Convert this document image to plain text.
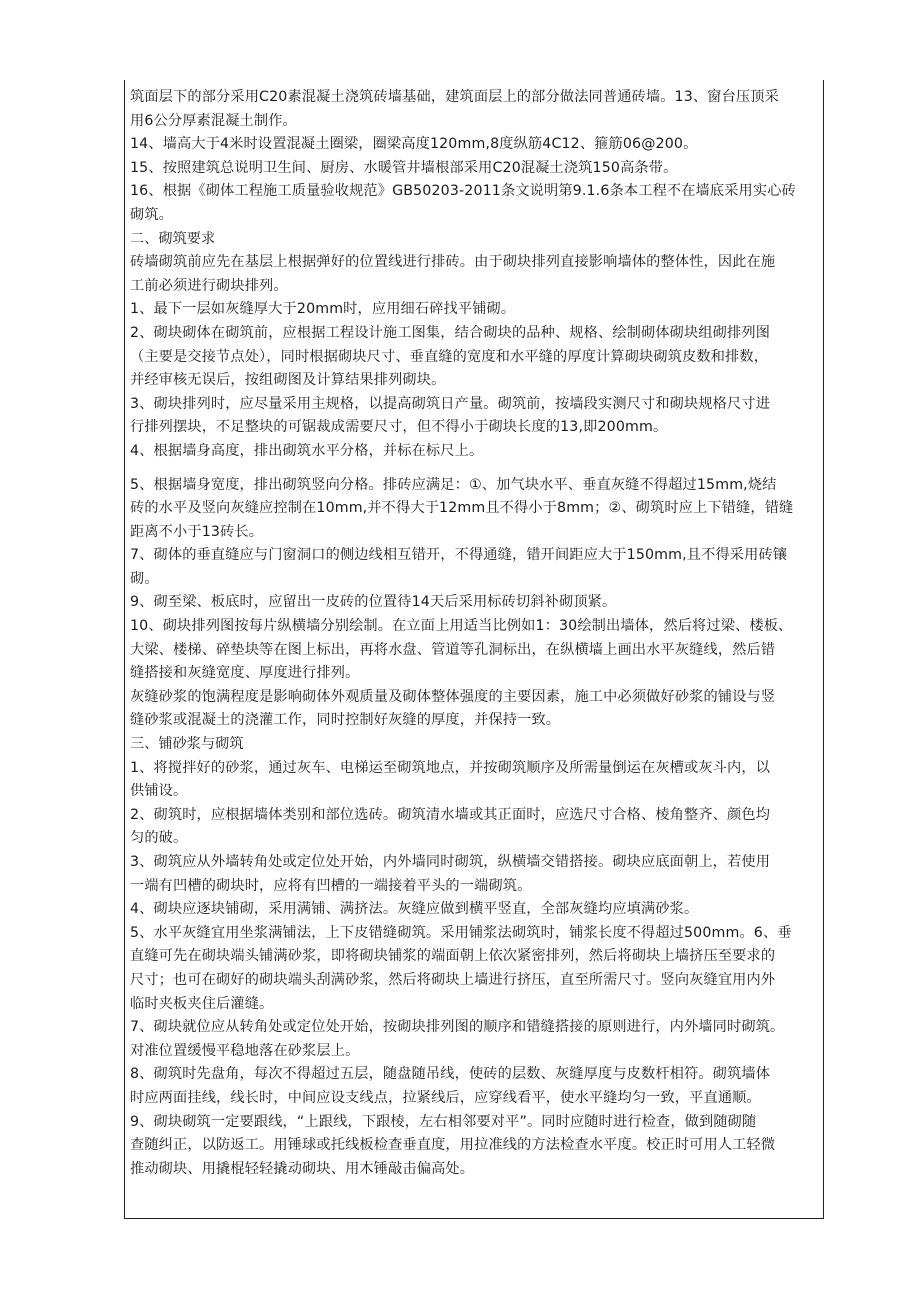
筑面层下的部分采用C20素混凝土浇筑砖墙基础，建筑面层上的部分做法同普通砖墙。13、窗台压顶采
用6公分厚素混凝土制作。
14、墙高大于4米时设置混凝土圈梁，圈梁高度120mm,8度纵筋4C12、箍筋06@200。
15、按照建筑总说明卫生间、厨房、水暖管井墙根部采用C20混凝土浇筑150高条带。
16、根据《砌体工程施工质量验收规范》GB50203-2011条文说明第9.1.6条本工程不在墙底采用实心砖
砌筑。
二、砌筑要求
砖墙砌筑前应先在基层上根据弹好的位置线进行排砖。由于砌块排列直接影响墙体的整体性，因此在施
工前必须进行砌块排列。
1、最下一层如灰缝厚大于20mm时，应用细石碎找平铺砌。
2、砌块砌体在砌筑前，应根据工程设计施工图集，结合砌块的品种、规格、绘制砌体砌块组砌排列图
（主要是交接节点处），同时根据砌块尺寸、垂直缝的宽度和水平缝的厚度计算砌块砌筑皮数和排数，
并经审核无误后，按组砌图及计算结果排列砌块。
3、砌块排列时，应尽量采用主规格，以提高砌筑日产量。砌筑前，按墙段实测尺寸和砌块规格尺寸进
行排列摆块，不足整块的可锯裁成需要尺寸，但不得小于砌块长度的13,即200mm。
4、根据墙身高度，排出砌筑水平分格，并标在标尺上。
5、根据墙身宽度，排出砌筑竖向分格。排砖应满足：①、加气块水平、垂直灰缝不得超过15mm,烧结
砖的水平及竖向灰缝应控制在10mm,并不得大于12mm且不得小于8mm；②、砌筑时应上下错缝，错缝
距离不小于13砖长。
7、砌体的垂直缝应与门窗洞口的侧边线相互错开，不得通缝，错开间距应大于150mm,且不得采用砖镶
砌。
9、砌至梁、板底时，应留出一皮砖的位置待14天后采用标砖切斜补砌顶紧。
10、砌块排列图按每片纵横墙分别绘制。在立面上用适当比例如1：30绘制出墙体，然后将过梁、楼板、
大梁、楼梯、碎垫块等在图上标出，再将水盘、管道等孔洞标出，在纵横墙上画出水平灰缝线，然后错
缝搭接和灰缝宽度、厚度进行排列。
灰缝砂浆的饱满程度是影响砌体外观质量及砌体整体强度的主要因素，施工中必须做好砂浆的铺设与竖
缝砂浆或混凝土的浇灌工作，同时控制好灰缝的厚度，并保持一致。
三、铺砂浆与砌筑
1、将搅拌好的砂浆，通过灰车、电梯运至砌筑地点，并按砌筑顺序及所需量倒运在灰槽或灰斗内，以
供铺设。
2、砌筑时，应根据墙体类别和部位选砖。砌筑清水墙或其正面时，应选尺寸合格、棱角整齐、颜色均
匀的破。
3、砌筑应从外墙转角处或定位处开始，内外墙同时砌筑，纵横墙交错搭接。砌块应底面朝上，若使用
一端有凹槽的砌块时，应将有凹槽的一端接着平头的一端砌筑。
4、砌块应逐块铺砌，采用满铺、满挤法。灰缝应做到横平竖直，全部灰缝均应填满砂浆。
5、水平灰缝宜用坐浆满铺法，上下皮错缝砌筑。采用铺浆法砌筑时，铺浆长度不得超过500mm。6、垂
直缝可先在砌块端头铺满砂浆，即将砌块铺浆的端面朝上依次紧密排列，然后将砌块上墙挤压至要求的
尺寸；也可在砌好的砌块端头刮满砂浆，然后将砌块上墙进行挤压，直至所需尺寸。竖向灰缝宜用内外
临时夹板夹住后灌缝。
7、砌块就位应从转角处或定位处开始，按砌块排列图的顺序和错缝搭接的原则进行，内外墙同时砌筑。
对准位置缓慢平稳地落在砂浆层上。
8、砌筑时先盘角，每次不得超过五层，随盘随吊线，使砖的层数、灰缝厚度与皮数杆相符。砌筑墙体
时应两面挂线，线长时，中间应设支线点，拉紧线后，应穿线看平，使水平缝均匀一致，平直通顺。
9、砌块砌筑一定要跟线，“上跟线，下跟棱，左右相邻要对平”。同时应随时进行检查，做到随砌随
查随纠正，以防返工。用锤球或托线板检查垂直度，用拉准线的方法检查水平度。校正时可用人工轻微
推动砌块、用撬棍轻轻撬动砌块、用木锤敲击偏高处。
